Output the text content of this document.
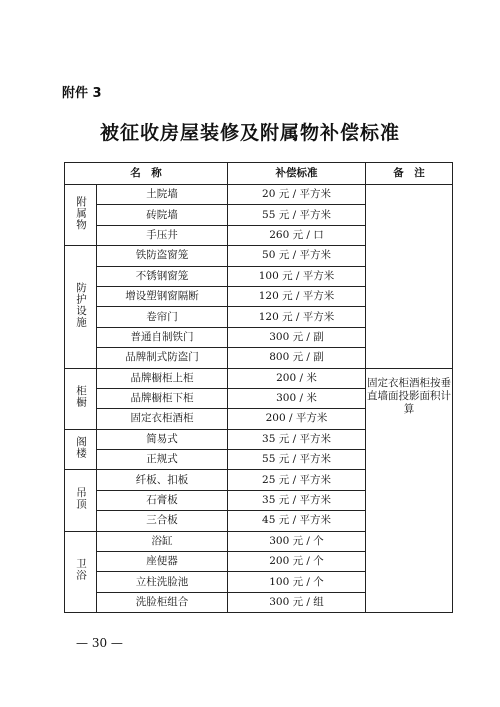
附件 3
被征收房屋装修及附属物补偿标准
名　称		补偿标准	备　注
附属物	土院墙	20 元 / 平方米	
	砖院墙	55 元 / 平方米	
	手压井	260 元 / 口	
防护设施	铁防盗窗笼	50 元 / 平方米	
	不锈钢窗笼	100 元 / 平方米	
	增设塑钢窗隔断	120 元 / 平方米	
	卷帘门	120 元 / 平方米	
	普通自制铁门	300 元 / 副	
	品牌制式防盗门	800 元 / 副	
柜橱	品牌橱柜上柜	200 / 米	固定衣柜酒柜按垂直墙面投影面积计算
	品牌橱柜下柜	300 / 米	
	固定衣柜酒柜	200 / 平方米	
阁楼	简易式	35 元 / 平方米	
	正规式	55 元 / 平方米	
吊顶	纤板、扣板	25 元 / 平方米	
	石膏板	35 元 / 平方米	
	三合板	45 元 / 平方米	
卫浴	浴缸	300 元 / 个	
	座便器	200 元 / 个	
	立柱洗脸池	100 元 / 个	
	洗脸柜组合	300 元 / 组	
— 30 —
